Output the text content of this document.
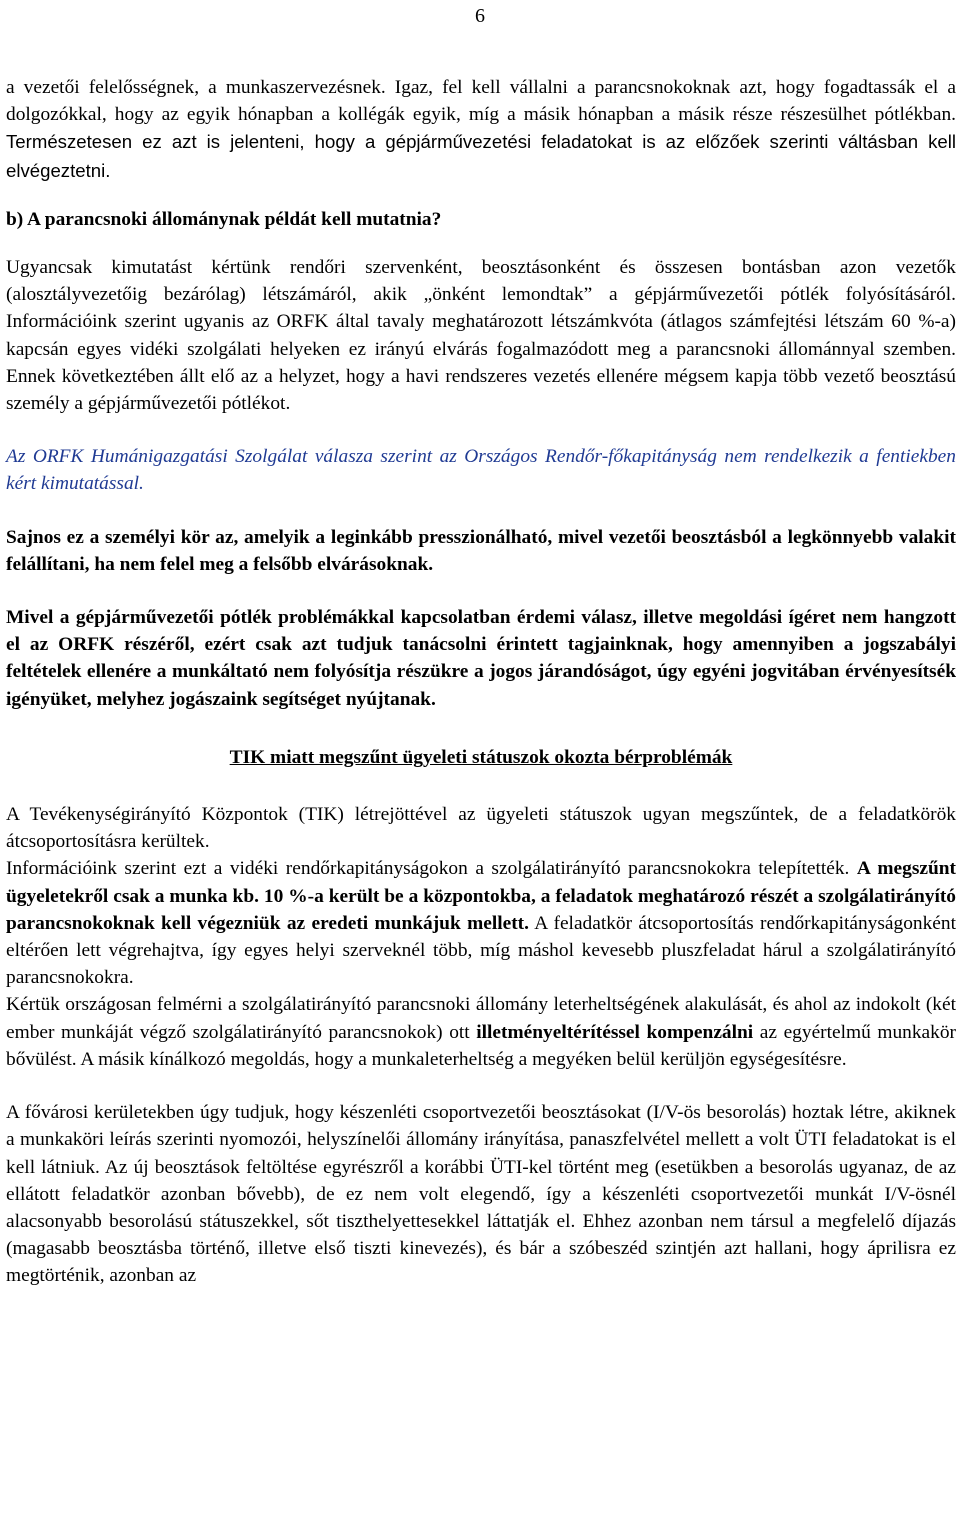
6

a vezetői felelősségnek, a munkaszervezésnek. Igaz, fel kell vállalni a parancsnokoknak azt, hogy fogadtassák el a dolgozókkal, hogy az egyik hónapban a kollégák egyik, míg a másik hónapban a másik része részesülhet pótlékban. Természetesen ez azt is jelenteni, hogy a gépjárművezetési feladatokat is az előzőek szerinti váltásban kell elvégeztetni.

b) A parancsnoki állománynak példát kell mutatnia?

Ugyancsak kimutatást kértünk rendőri szervenként, beosztásonként és összesen bontásban azon vezetők (alosztályvezetőig bezárólag) létszámáról, akik „önként lemondtak” a gépjárművezetői pótlék folyósításáról. Információink szerint ugyanis az ORFK által tavaly meghatározott létszámkvóta (átlagos számfejtési létszám 60 %-a) kapcsán egyes vidéki szolgálati helyeken ez irányú elvárás fogalmazódott meg a parancsnoki állománnyal szemben. Ennek következtében állt elő az a helyzet, hogy a havi rendszeres vezetés ellenére mégsem kapja több vezető beosztású személy a gépjárművezetői pótlékot.

Az ORFK Humánigazgatási Szolgálat válasza szerint az Országos Rendőr-főkapitányság nem rendelkezik a fentiekben kért kimutatással.

Sajnos ez a személyi kör az, amelyik a leginkább presszionálható, mivel vezetői beosztásból a legkönnyebb valakit felállítani, ha nem felel meg a felsőbb elvárásoknak.

Mivel a gépjárművezetői pótlék problémákkal kapcsolatban érdemi válasz, illetve megoldási ígéret nem hangzott el az ORFK részéről, ezért csak azt tudjuk tanácsolni érintett tagjainknak, hogy amennyiben a jogszabályi feltételek ellenére a munkáltató nem folyósítja részükre a jogos járandóságot, úgy egyéni jogvitában érvényesítsék igényüket, melyhez jogászaink segítséget nyújtanak.

TIK miatt megszűnt ügyeleti státuszok okozta bérproblémák

A Tevékenységirányító Központok (TIK) létrejöttével az ügyeleti státuszok ugyan megszűntek, de a feladatkörök átcsoportosításra kerültek.

Információink szerint ezt a vidéki rendőrkapitányságokon a szolgálatirányító parancsnokokra telepítették. A megszűnt ügyeletekről csak a munka kb. 10 %-a került be a központokba, a feladatok meghatározó részét a szolgálatirányító parancsnokoknak kell végezniük az eredeti munkájuk mellett. A feladatkör átcsoportosítás rendőrkapitányságonként eltérően lett végrehajtva, így egyes helyi szerveknél több, míg máshol kevesebb pluszfeladat hárul a szolgálatirányító parancsnokokra.

Kértük országosan felmérni a szolgálatirányító parancsnoki állomány leterheltségének alakulását, és ahol az indokolt (két ember munkáját végző szolgálatirányító parancsnokok) ott illetményeltérítéssel kompenzálni az egyértelmű munkakör bővülést. A másik kínálkozó megoldás, hogy a munkaleterheltség a megyéken belül kerüljön egységesítésre.

A fővárosi kerületekben úgy tudjuk, hogy készenléti csoportvezetői beosztásokat (I/V-ös besorolás) hoztak létre, akiknek a munkaköri leírás szerinti nyomozói, helyszínelői állomány irányítása, panaszfelvétel mellett a volt ÜTI feladatokat is el kell látniuk. Az új beosztások feltöltése egyrészről a korábbi ÜTI-kel történt meg (esetükben a besorolás ugyanaz, de az ellátott feladatkör azonban bővebb), de ez nem volt elegendő, így a készenléti csoportvezetői munkát I/V-ösnél alacsonyabb besorolású státuszekkel, sőt tiszthelyettesekkel láttatják el. Ehhez azonban nem társul a megfelelő díjazás (magasabb beosztásba történő, illetve első tiszti kinevezés), és bár a szóbeszéd szintjén azt hallani, hogy áprilisra ez megtörténik, azonban az
